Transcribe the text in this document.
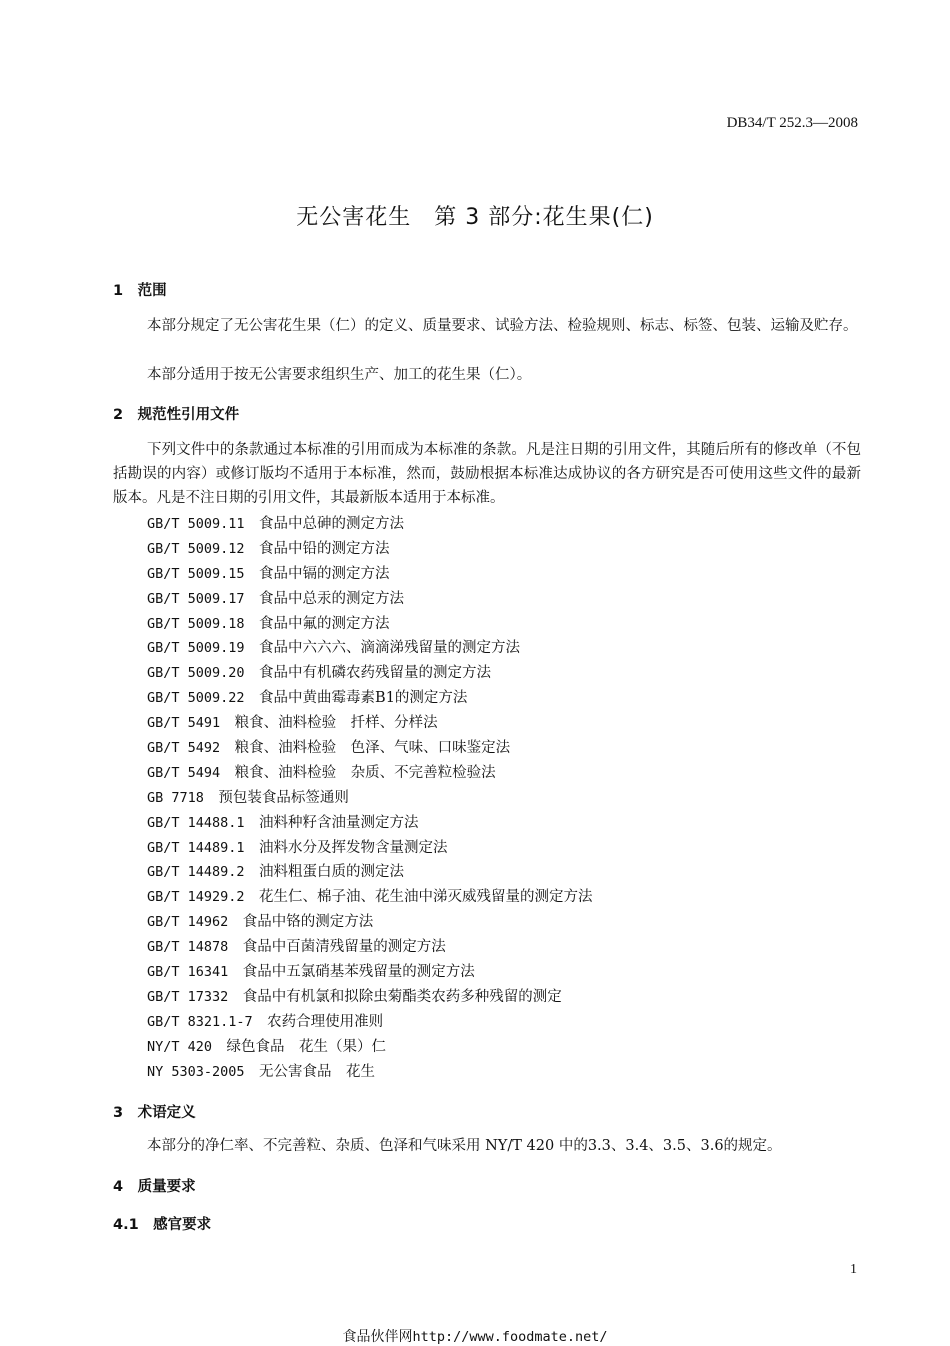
DB34/T 252.3—2008
无公害花生　第 3 部分:花生果(仁)
1　范围
本部分规定了无公害花生果（仁）的定义、质量要求、试验方法、检验规则、标志、标签、包装、运输及贮存。
本部分适用于按无公害要求组织生产、加工的花生果（仁）。
2　规范性引用文件
下列文件中的条款通过本标准的引用而成为本标准的条款。凡是注日期的引用文件，其随后所有的修改单（不包括勘误的内容）或修订版均不适用于本标准，然而，鼓励根据本标准达成协议的各方研究是否可使用这些文件的最新版本。凡是不注日期的引用文件，其最新版本适用于本标准。
GB/T 5009.11　 食品中总砷的测定方法
GB/T 5009.12　 食品中铅的测定方法
GB/T 5009.15　 食品中镉的测定方法
GB/T 5009.17　 食品中总汞的测定方法
GB/T 5009.18　 食品中氟的测定方法
GB/T 5009.19　 食品中六六六、滴滴涕残留量的测定方法
GB/T 5009.20　 食品中有机磷农药残留量的测定方法
GB/T 5009.22　 食品中黄曲霉毒素B1的测定方法
GB/T 5491　 粮食、油料检验　扦样、分样法
GB/T 5492　 粮食、油料检验　色泽、气味、口味鉴定法
GB/T 5494　 粮食、油料检验　杂质、不完善粒检验法
GB 7718　 预包装食品标签通则
GB/T 14488.1　 油料种籽含油量测定方法
GB/T 14489.1　 油料水分及挥发物含量测定法
GB/T 14489.2　 油料粗蛋白质的测定法
GB/T 14929.2　 花生仁、棉子油、花生油中涕灭威残留量的测定方法
GB/T 14962　 食品中铬的测定方法
GB/T 14878　 食品中百菌清残留量的测定方法
GB/T 16341　 食品中五氯硝基苯残留量的测定方法
GB/T 17332　 食品中有机氯和拟除虫菊酯类农药多种残留的测定
GB/T 8321.1-7　 农药合理使用准则
NY/T 420　 绿色食品　花生（果）仁
NY 5303-2005　 无公害食品　花生
3　术语定义
本部分的净仁率、不完善粒、杂质、色泽和气味采用 NY/T 420 中的3.3、3.4、3.5、3.6的规定。
4　质量要求
4.1　感官要求
1
食品伙伴网http://www.foodmate.net/
